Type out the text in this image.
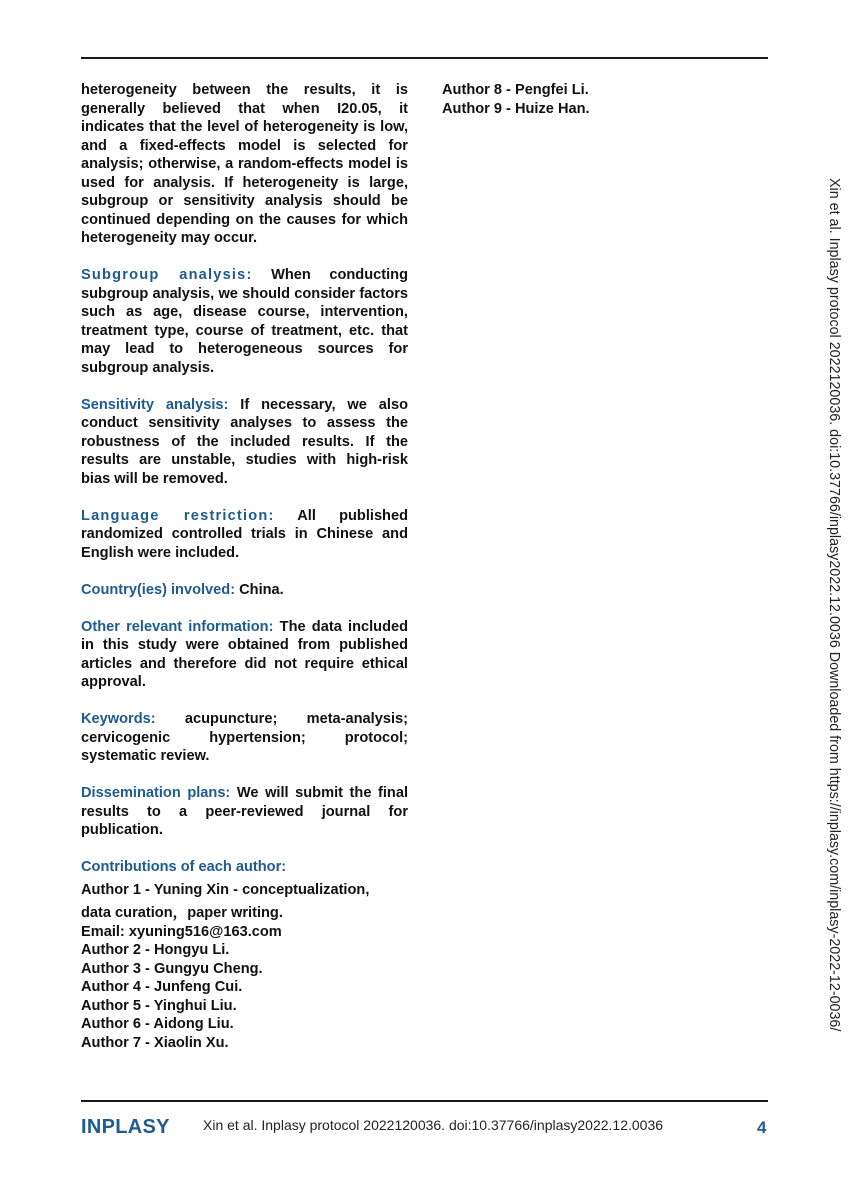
heterogeneity between the results, it is generally believed that when I20.05, it indicates that the level of heterogeneity is low, and a fixed-effects model is selected for analysis; otherwise, a random-effects model is used for analysis. If heterogeneity is large, subgroup or sensitivity analysis should be continued depending on the causes for which heterogeneity may occur.

Subgroup analysis: When conducting subgroup analysis, we should consider factors such as age, disease course, intervention, treatment type, course of treatment, etc. that may lead to heterogeneous sources for subgroup analysis.

Sensitivity analysis: If necessary, we also conduct sensitivity analyses to assess the robustness of the included results. If the results are unstable, studies with high-risk bias will be removed.

Language restriction: All published randomized controlled trials in Chinese and English were included.

Country(ies) involved: China.

Other relevant information: The data included in this study were obtained from published articles and therefore did not require ethical approval.

Keywords: acupuncture; meta-analysis; cervicogenic hypertension; protocol; systematic review.

Dissemination plans: We will submit the final results to a peer-reviewed journal for publication.

Contributions of each author:
Author 1 - Yuning Xin - conceptualization,
data curation，paper writing.
Email: xyuning516@163.com
Author 2 - Hongyu Li.
Author 3 - Gungyu Cheng.
Author 4 - Junfeng Cui.
Author 5 - Yinghui Liu.
Author 6 - Aidong Liu.
Author 7 - Xiaolin Xu.
Author 8 - Pengfei Li.
Author 9 - Huize Han.
Xin et al. Inplasy protocol 2022120036. doi:10.37766/inplasy2022.12.0036 Downloaded from https://inplasy.com/inplasy-2022-12-0036/
INPLASY Xin et al. Inplasy protocol 2022120036. doi:10.37766/inplasy2022.12.0036	4
